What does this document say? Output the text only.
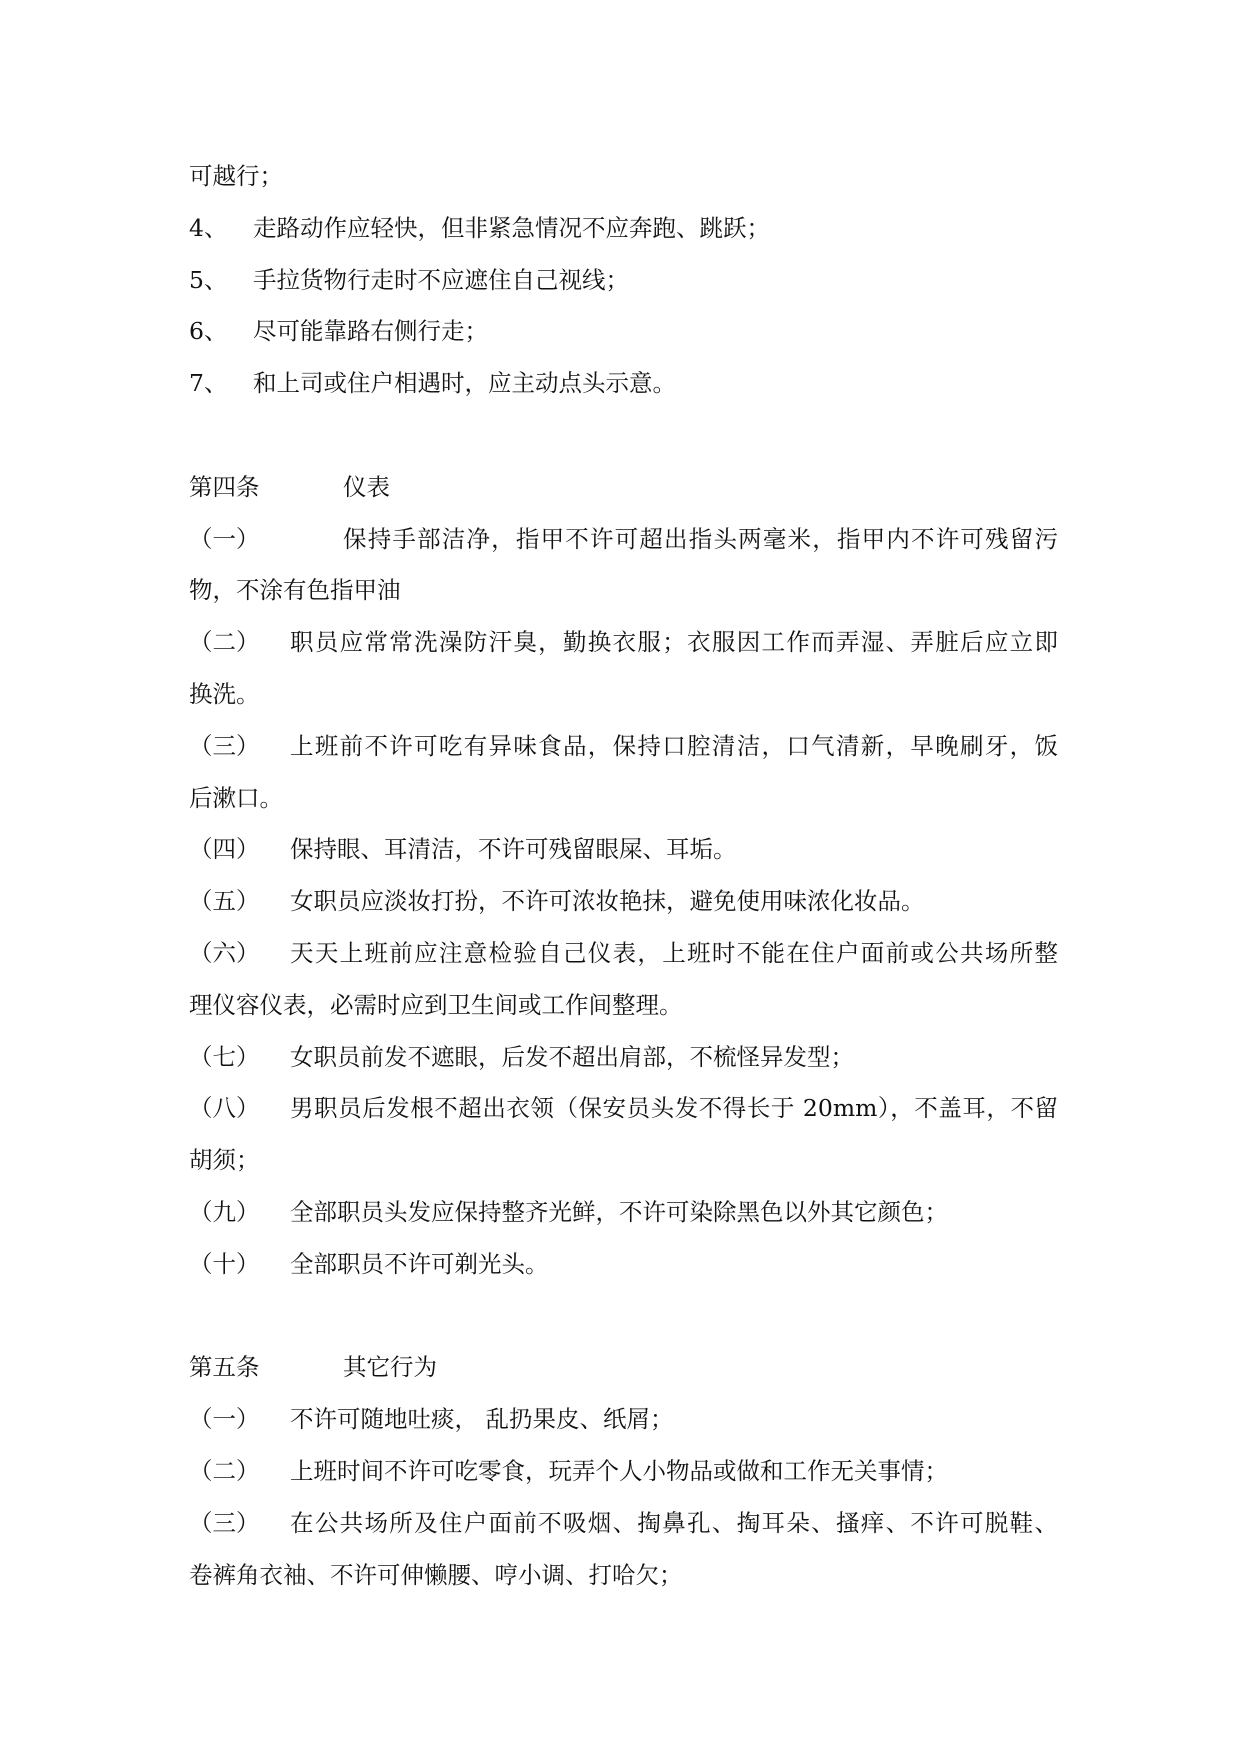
可越行；
4、	走路动作应轻快，但非紧急情况不应奔跑、跳跃；
5、	手拉货物行走时不应遮住自己视线；
6、	尽可能靠路右侧行走；
7、	和上司或住户相遇时，应主动点头示意。
第四条	仪表
（一）	保持手部洁净，指甲不许可超出指头两毫米，指甲内不许可残留污
物，不涂有色指甲油
（二）	职员应常常洗澡防汗臭，勤换衣服；衣服因工作而弄湿、弄脏后应立即
换洗。
（三）	上班前不许可吃有异味食品，保持口腔清洁，口气清新，早晚刷牙，饭
后漱口。
（四）	保持眼、耳清洁，不许可残留眼屎、耳垢。
（五）	女职员应淡妆打扮，不许可浓妆艳抹，避免使用味浓化妆品。
（六）	天天上班前应注意检验自己仪表，上班时不能在住户面前或公共场所整
理仪容仪表，必需时应到卫生间或工作间整理。
（七）	女职员前发不遮眼，后发不超出肩部，不梳怪异发型；
（八）	男职员后发根不超出衣领（保安员头发不得长于 20mm），不盖耳，不留
胡须；
（九）	全部职员头发应保持整齐光鲜，不许可染除黑色以外其它颜色；
（十）	全部职员不许可剃光头。
第五条	其它行为
（一）	不许可随地吐痰， 乱扔果皮、纸屑；
（二）	上班时间不许可吃零食，玩弄个人小物品或做和工作无关事情；
（三）	在公共场所及住户面前不吸烟、掏鼻孔、掏耳朵、搔痒、不许可脱鞋、
卷裤角衣袖、不许可伸懒腰、哼小调、打哈欠；
